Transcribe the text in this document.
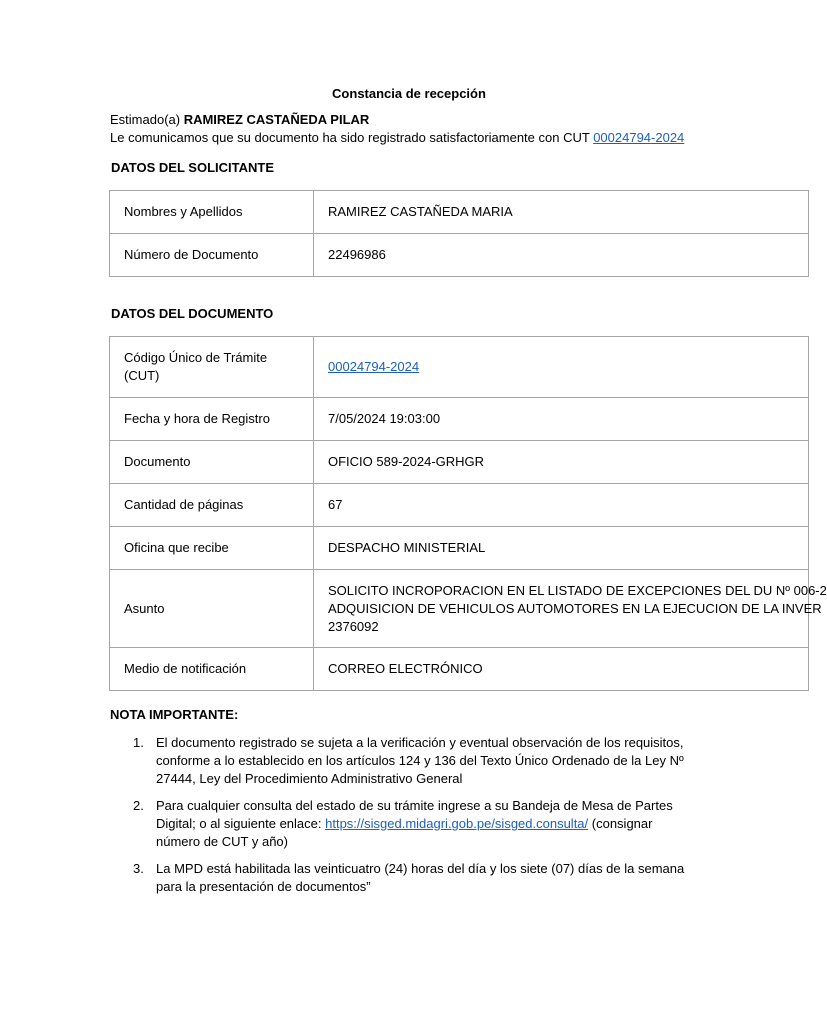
Constancia de recepción
Estimado(a) RAMIREZ CASTAÑEDA PILAR
Le comunicamos que su documento ha sido registrado satisfactoriamente con CUT 00024794-2024
DATOS DEL SOLICITANTE
Nombres y Apellidos	RAMIREZ CASTAÑEDA MARIA
Número de Documento	22496986
DATOS DEL DOCUMENTO
Código Único de Trámite (CUT)	00024794-2024
Fecha y hora de Registro	7/05/2024 19:03:00
Documento	OFICIO 589-2024-GRHGR
Cantidad de páginas	67
Oficina que recibe	DESPACHO MINISTERIAL
Asunto	SOLICITO INCROPORACION EN EL LISTADO DE EXCEPCIONES DEL DU Nº 006-2
ADQUISICION DE VEHICULOS AUTOMOTORES EN LA EJECUCION DE LA INVER
2376092

Medio de notificación	CORREO ELECTRÓNICO
NOTA IMPORTANTE:
1. El documento registrado se sujeta a la verificación y eventual observación de los requisitos, conforme a lo establecido en los artículos 124 y 136 del Texto Único Ordenado de la Ley Nº 27444, Ley del Procedimiento Administrativo General
2. Para cualquier consulta del estado de su trámite ingrese a su Bandeja de Mesa de Partes Digital; o al siguiente enlace: https://sisged.midagri.gob.pe/sisged.consulta/ (consignar número de CUT y año)
3. La MPD está habilitada las veinticuatro (24) horas del día y los siete (07) días de la semana para la presentación de documentos”
